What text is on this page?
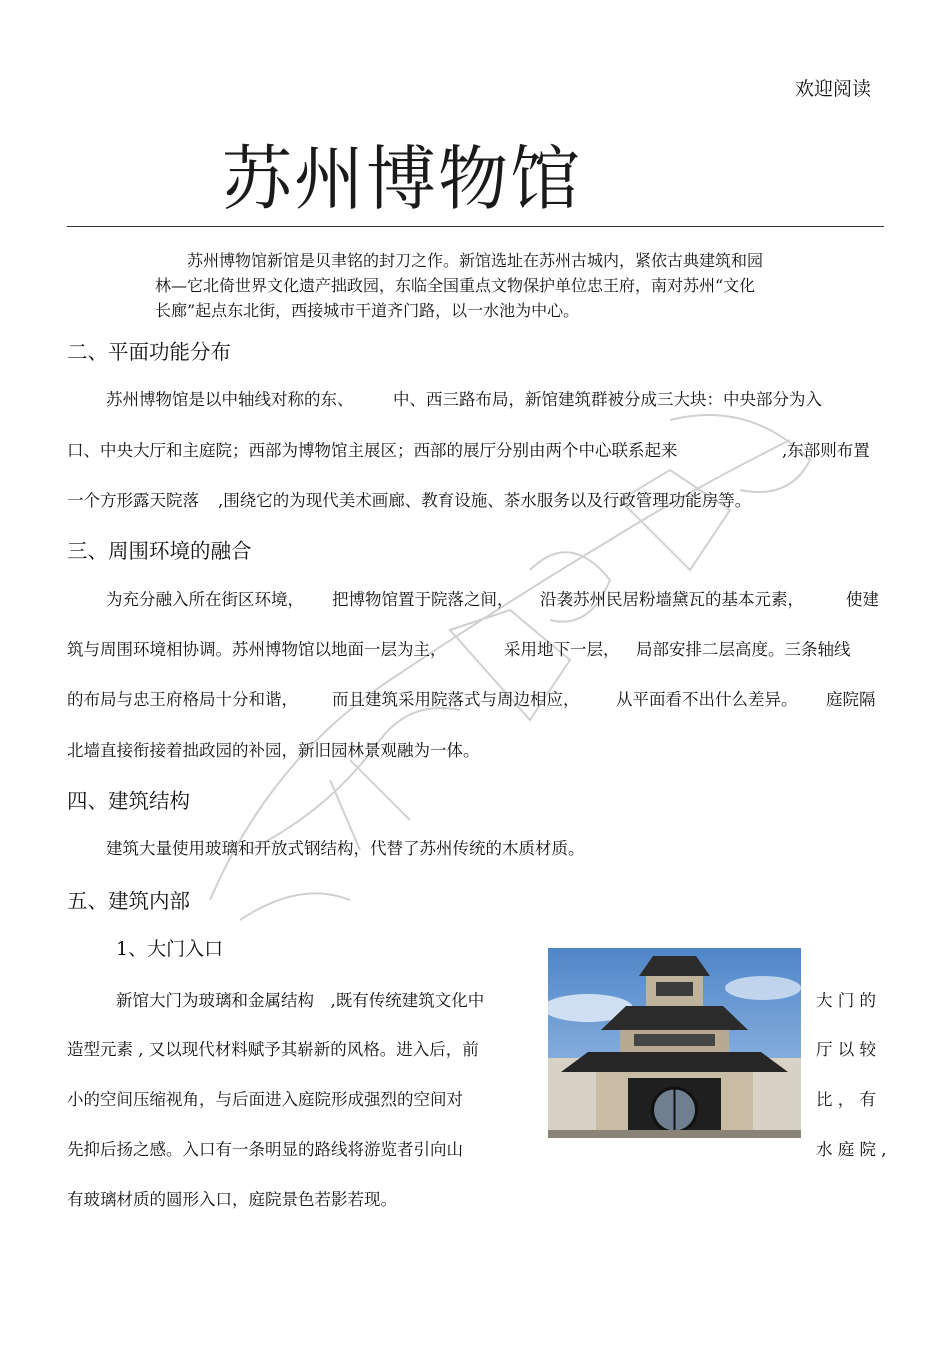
欢迎阅读
苏州博物馆

苏州博物馆新馆是贝聿铭的封刀之作。新馆选址在苏州古城内，紧依古典建筑和园

林—它北倚世界文化遗产拙政园，东临全国重点文物保护单位忠王府，南对苏州“文化

长廊”起点东北街，西接城市干道齐门路，以一水池为中心。

二、平面功能分布
苏州博物馆是以中轴线对称的东、 中、西三路布局，新馆建筑群被分成三大块：中央部分为入
口、中央大厅和主庭院；西部为博物馆主展区；西部的展厅分别由两个中心联系起来	,东部则布置
一个方形露天院落 ,围绕它的为现代美术画廊、教育设施、茶水服务以及行政管理功能房等。
三、周围环境的融合
为充分融入所在街区环境， 把博物馆置于院落之间， 沿袭苏州民居粉墙黛瓦的基本元素，	使建
筑与周围环境相协调。苏州博物馆以地面一层为主，	采用地下一层， 局部安排二层高度。三条轴线
的布局与忠王府格局十分和谐， 而且建筑采用院落式与周边相应， 从平面看不出什么差异。 庭院隔
北墙直接衔接着拙政园的补园，新旧园林景观融为一体。
四、建筑结构
建筑大量使用玻璃和开放式钢结构，代替了苏州传统的木质材质。
五、建筑内部
1、大门入口
新馆大门为玻璃和金属结构　,既有传统建筑文化中
造型元素 , 又以现代材料赋予其崭新的风格。进入后，前
小的空间压缩视角，与后面进入庭院形成强烈的空间对
先抑后扬之感。入口有一条明显的路线将游览者引向山
大 门 的
厅 以 较
比 ， 有
水 庭 院 ,
有玻璃材质的圆形入口，庭院景色若影若现。
